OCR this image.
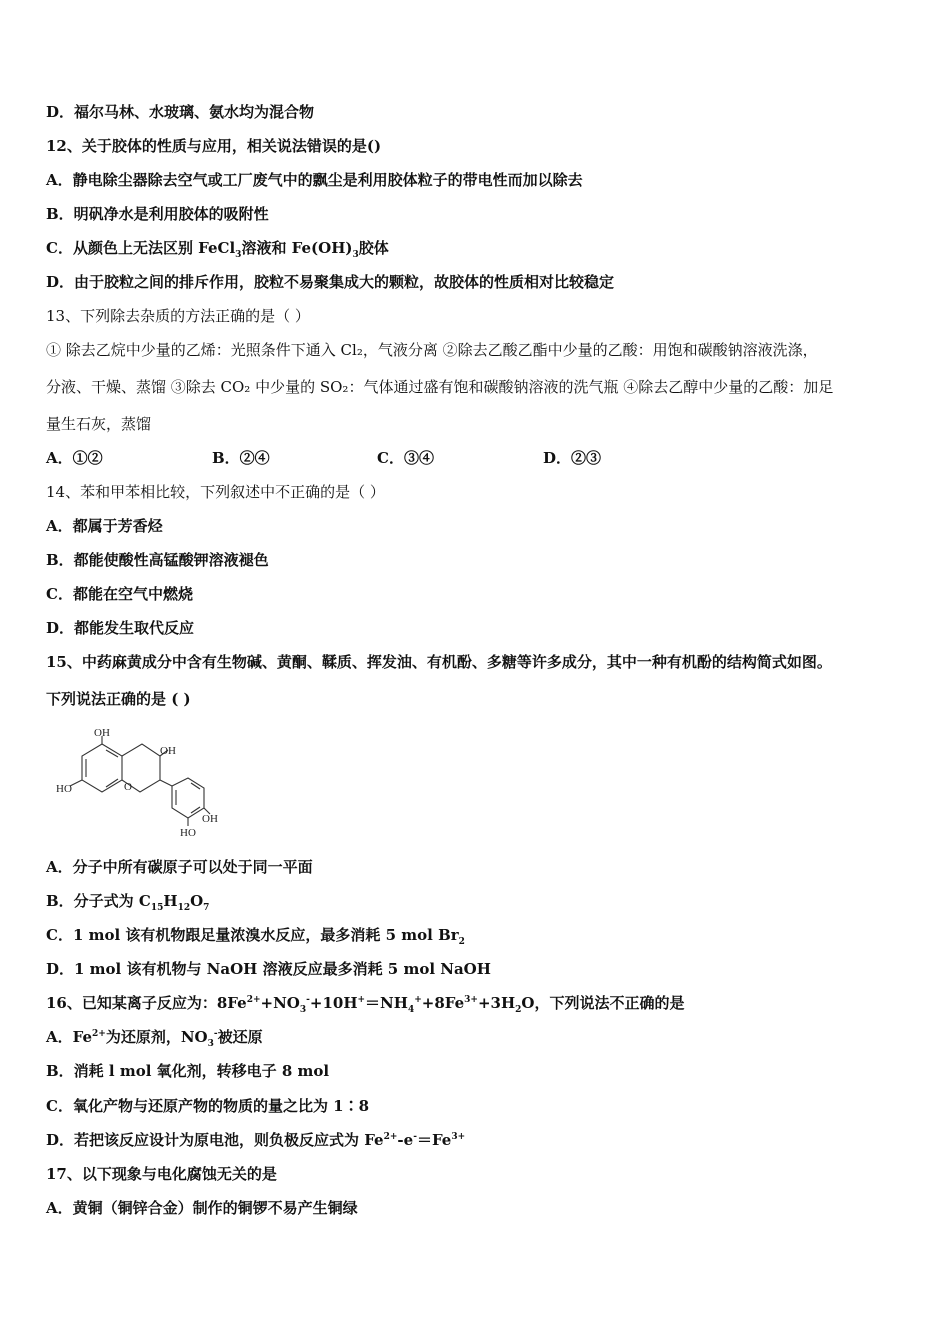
D．福尔马林、水玻璃、氨水均为混合物
12、关于胶体的性质与应用，相关说法错误的是()
A．静电除尘器除去空气或工厂废气中的飘尘是利用胶体粒子的带电性而加以除去
B．明矾净水是利用胶体的吸附性
C．从颜色上无法区别 FeCl$_3$溶液和 $Fe(OH)_3$胶体
D．由于胶粒之间的排斥作用，胶粒不易聚集成大的颗粒，故胶体的性质相对比较稳定
13、下列除去杂质的方法正确的是（ ）
① 除去乙烷中少量的乙烯：光照条件下通入 Cl₂，气液分离 ②除去乙酸乙酯中少量的乙酸：用饱和碳酸钠溶液洗涤，
分液、干燥、蒸馏 ③除去 CO₂ 中少量的 SO₂：气体通过盛有饱和碳酸钠溶液的洗气瓶 ④除去乙醇中少量的乙酸：加足
量生石灰，蒸馏
A．①②	B．②④	C．③④	D．②③
14、苯和甲苯相比较，下列叙述中不正确的是（ ）
A．都属于芳香烃
B．都能使酸性高锰酸钾溶液褪色
C．都能在空气中燃烧
D．都能发生取代反应
15、中药麻黄成分中含有生物碱、黄酮、鞣质、挥发油、有机酚、多糖等许多成分，其中一种有机酚的结构简式如图。
下列说法正确的是 ( )
OH
OH
HO	O
OH
HO
A．分子中所有碳原子可以处于同一平面
B．分子式为 $C_{15}H_{12}O_7$
C．1 mol 该有机物跟足量浓溴水反应，最多消耗 5 mol $Br_2$
D．1 mol 该有机物与 NaOH 溶液反应最多消耗 5 mol NaOH
16、已知某离子反应为：$8Fe^{2+}+NO_3^-+10H^+=NH_4^++8Fe^{3+}+3H_2O$，下列说法不正确的是
A．$Fe^{2+}$为还原剂，$NO_3^-$被还原
B．消耗 l mol 氧化剂，转移电子 8 mol
C．氧化产物与还原产物的物质的量之比为 1∶8
D．若把该反应设计为原电池，则负极反应式为 $Fe^{2+}-e^-=Fe^{3+}$
17、以下现象与电化腐蚀无关的是
A．黄铜（铜锌合金）制作的铜锣不易产生铜绿
